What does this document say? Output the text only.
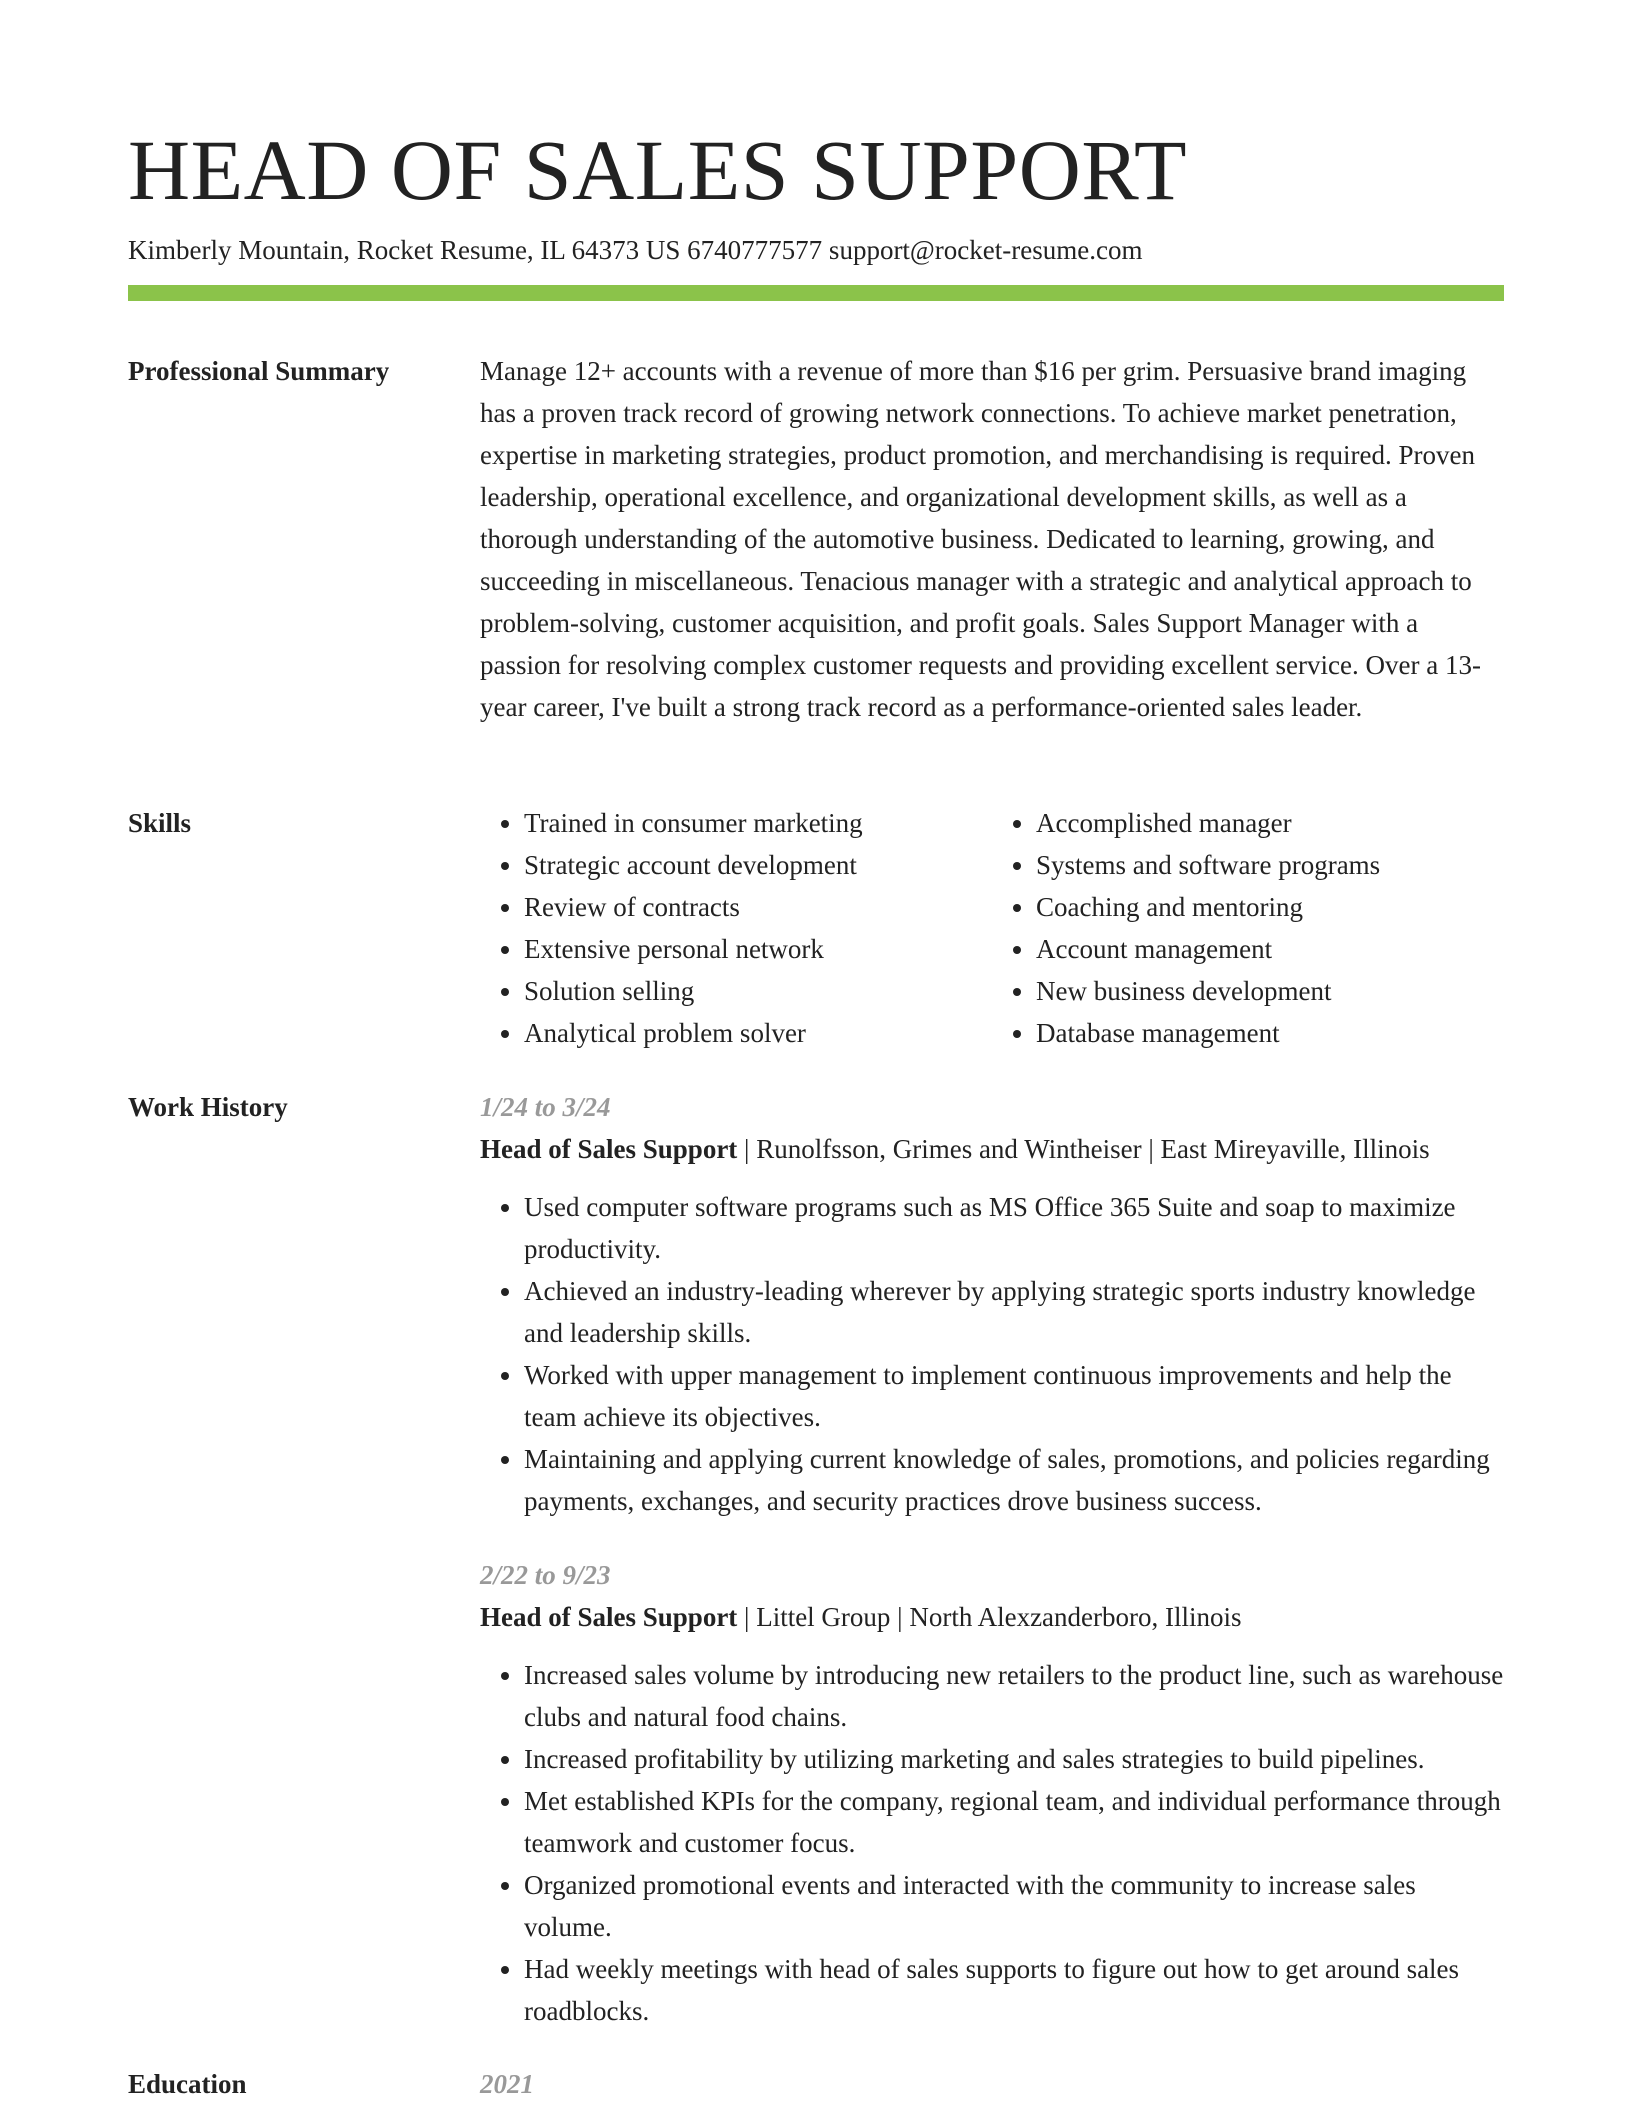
HEAD OF SALES SUPPORT
Kimberly Mountain, Rocket Resume, IL 64373 US 6740777577 support@rocket-resume.com
Professional Summary	Manage 12+ accounts with a revenue of more than $16 per grim. Persuasive brand imaging has a proven track record of growing network connections. To achieve market penetration, expertise in marketing strategies, product promotion, and merchandising is required. Proven leadership, operational excellence, and organizational development skills, as well as a thorough understanding of the automotive business. Dedicated to learning, growing, and succeeding in miscellaneous. Tenacious manager with a strategic and analytical approach to problem-solving, customer acquisition, and profit goals. Sales Support Manager with a passion for resolving complex customer requests and providing excellent service. Over a 13-year career, I've built a strong track record as a performance-oriented sales leader.

Skills
•	Trained in consumer marketing
• Strategic account development
• Review of contracts
• Extensive personal network
• Solution selling
• Analytical problem solver
• Accomplished manager
• Systems and software programs
• Coaching and mentoring
• Account management
• New business development
• Database management
Work History	1/24 to 3/24
Head of Sales Support | Runolfsson, Grimes and Wintheiser | East Mireyaville, Illinois
• Used computer software programs such as MS Office 365 Suite and soap to maximize productivity.
• Achieved an industry-leading wherever by applying strategic sports industry knowledge and leadership skills.
• Worked with upper management to implement continuous improvements and help the team achieve its objectives.
• Maintaining and applying current knowledge of sales, promotions, and policies regarding payments, exchanges, and security practices drove business success.
2/22 to 9/23
Head of Sales Support | Littel Group | North Alexzanderboro, Illinois
• Increased sales volume by introducing new retailers to the product line, such as warehouse clubs and natural food chains.
• Increased profitability by utilizing marketing and sales strategies to build pipelines.
• Met established KPIs for the company, regional team, and individual performance through teamwork and customer focus.
• Organized promotional events and interacted with the community to increase sales volume.
• Had weekly meetings with head of sales supports to figure out how to get around sales roadblocks.
Education	2021
